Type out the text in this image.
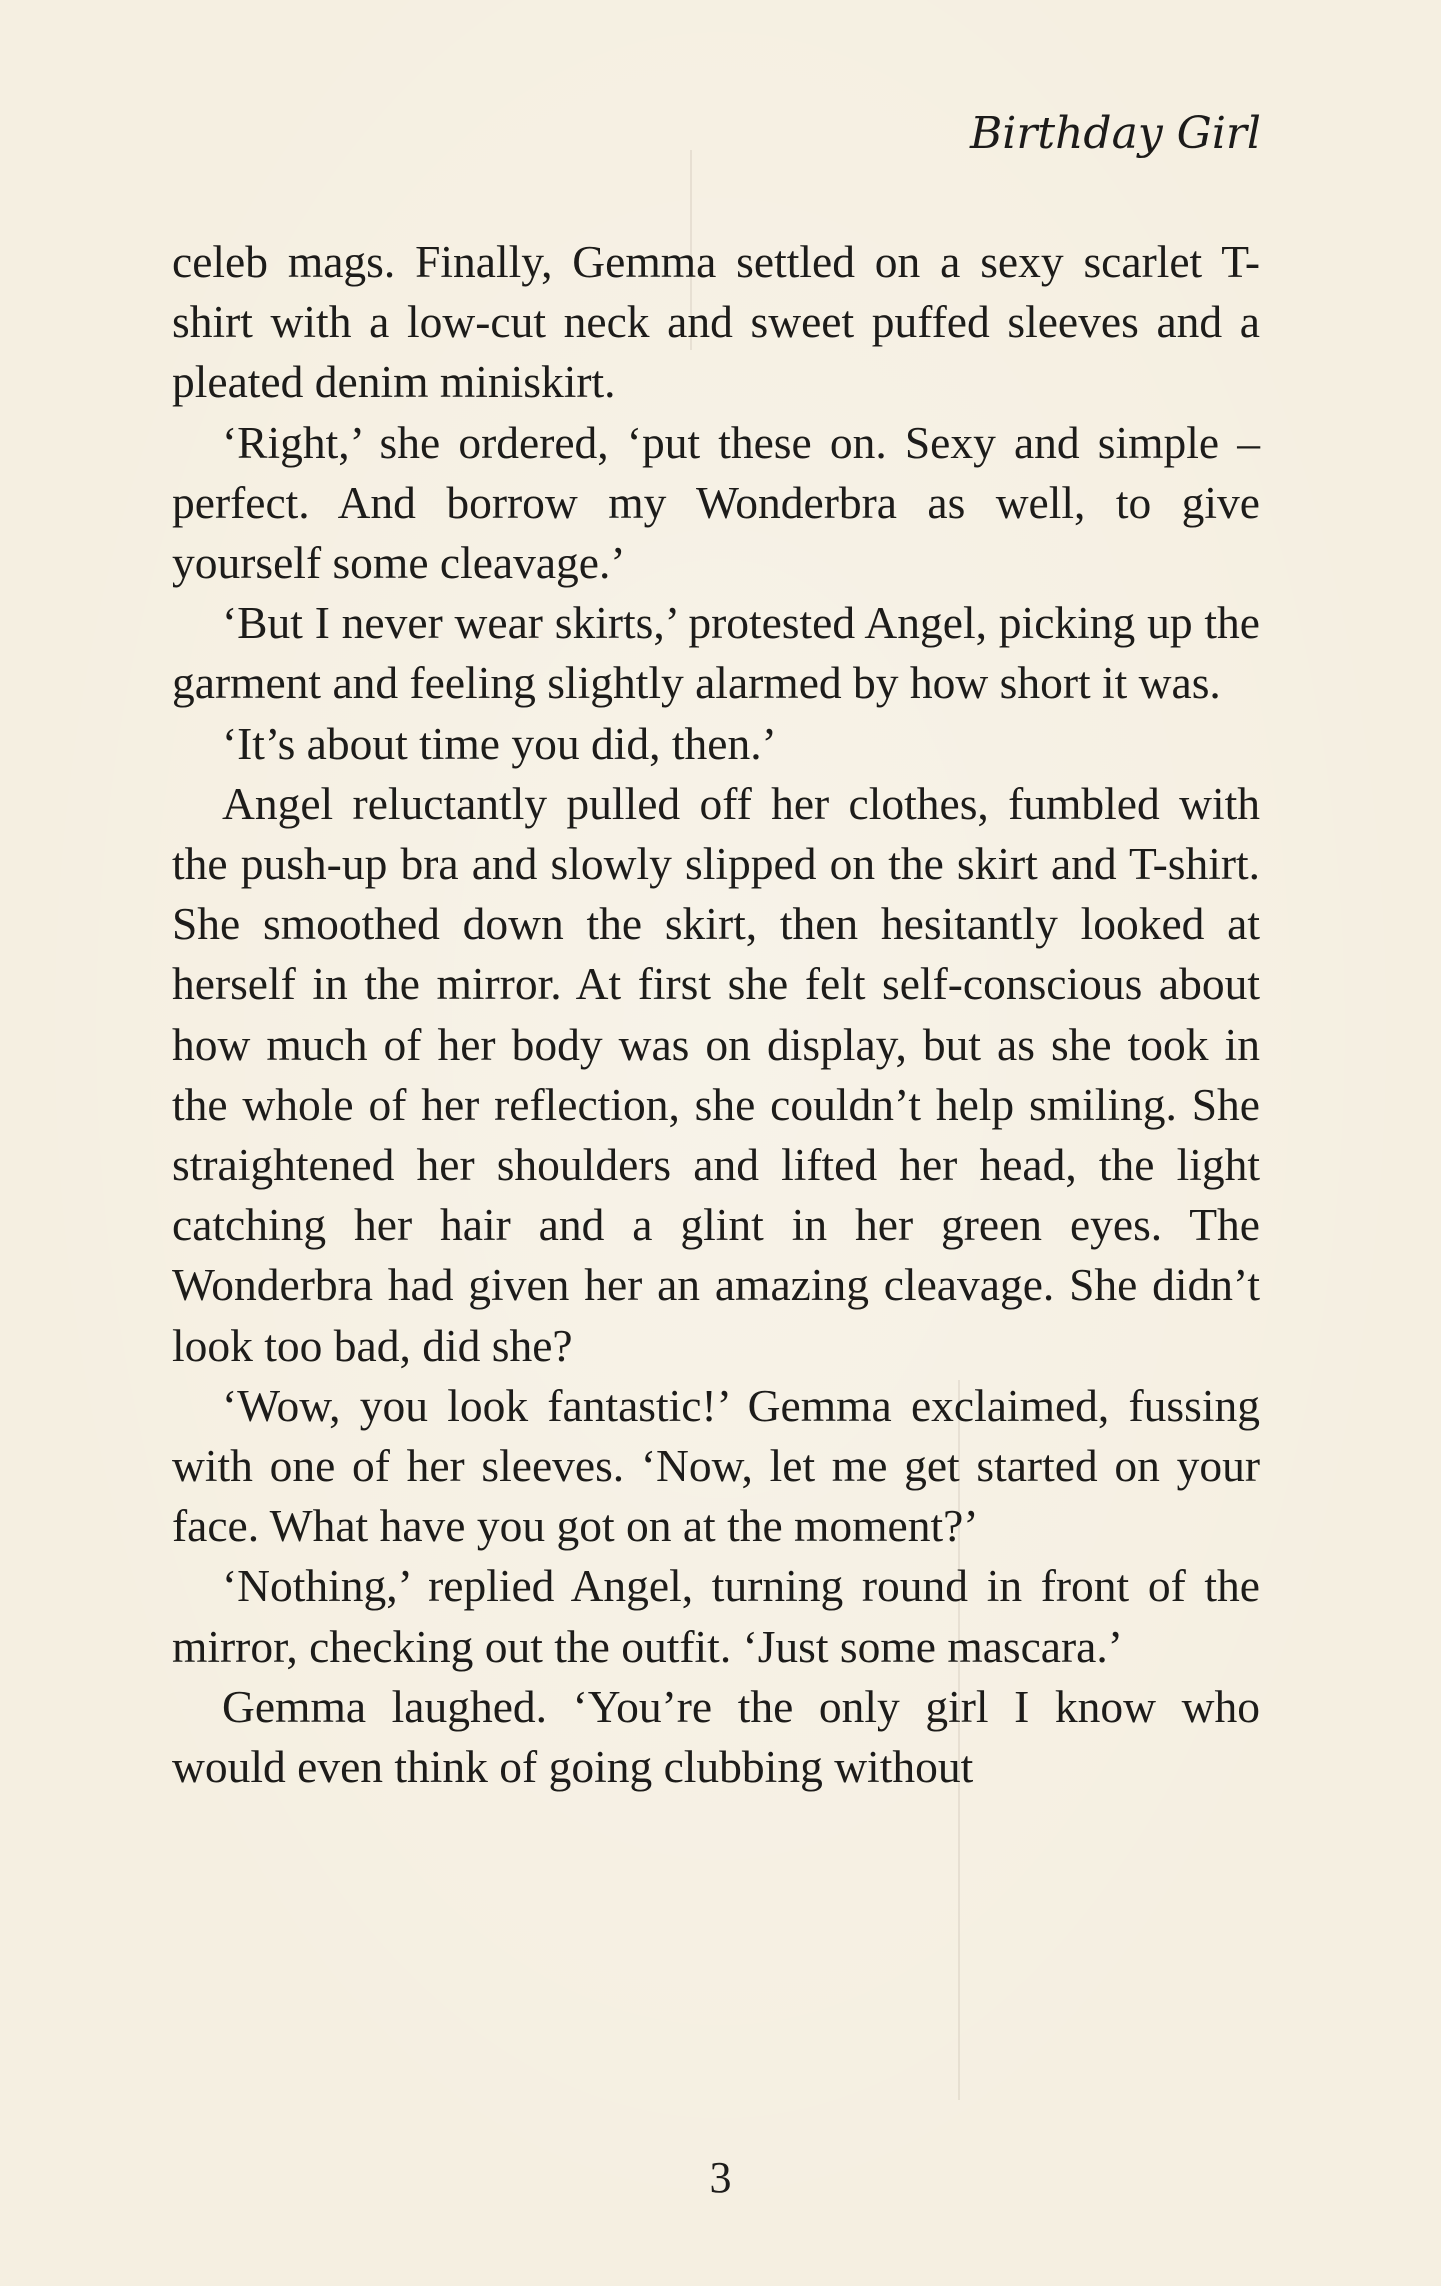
Birthday Girl

celeb mags. Finally, Gemma settled on a sexy scarlet T-shirt with a low-cut neck and sweet puffed sleeves and a pleated denim miniskirt.

‘Right,’ she ordered, ‘put these on. Sexy and simple – perfect. And borrow my Wonderbra as well, to give yourself some cleavage.’

‘But I never wear skirts,’ protested Angel, picking up the garment and feeling slightly alarmed by how short it was.

‘It’s about time you did, then.’

Angel reluctantly pulled off her clothes, fumbled with the push-up bra and slowly slipped on the skirt and T-shirt. She smoothed down the skirt, then hesitantly looked at herself in the mirror. At first she felt self-conscious about how much of her body was on display, but as she took in the whole of her reflection, she couldn’t help smiling. She straightened her shoulders and lifted her head, the light catching her hair and a glint in her green eyes. The Wonderbra had given her an amazing cleavage. She didn’t look too bad, did she?

‘Wow, you look fantastic!’ Gemma exclaimed, fussing with one of her sleeves. ‘Now, let me get started on your face. What have you got on at the moment?’

‘Nothing,’ replied Angel, turning round in front of the mirror, checking out the outfit. ‘Just some mascara.’

Gemma laughed. ‘You’re the only girl I know who would even think of going clubbing without

3
